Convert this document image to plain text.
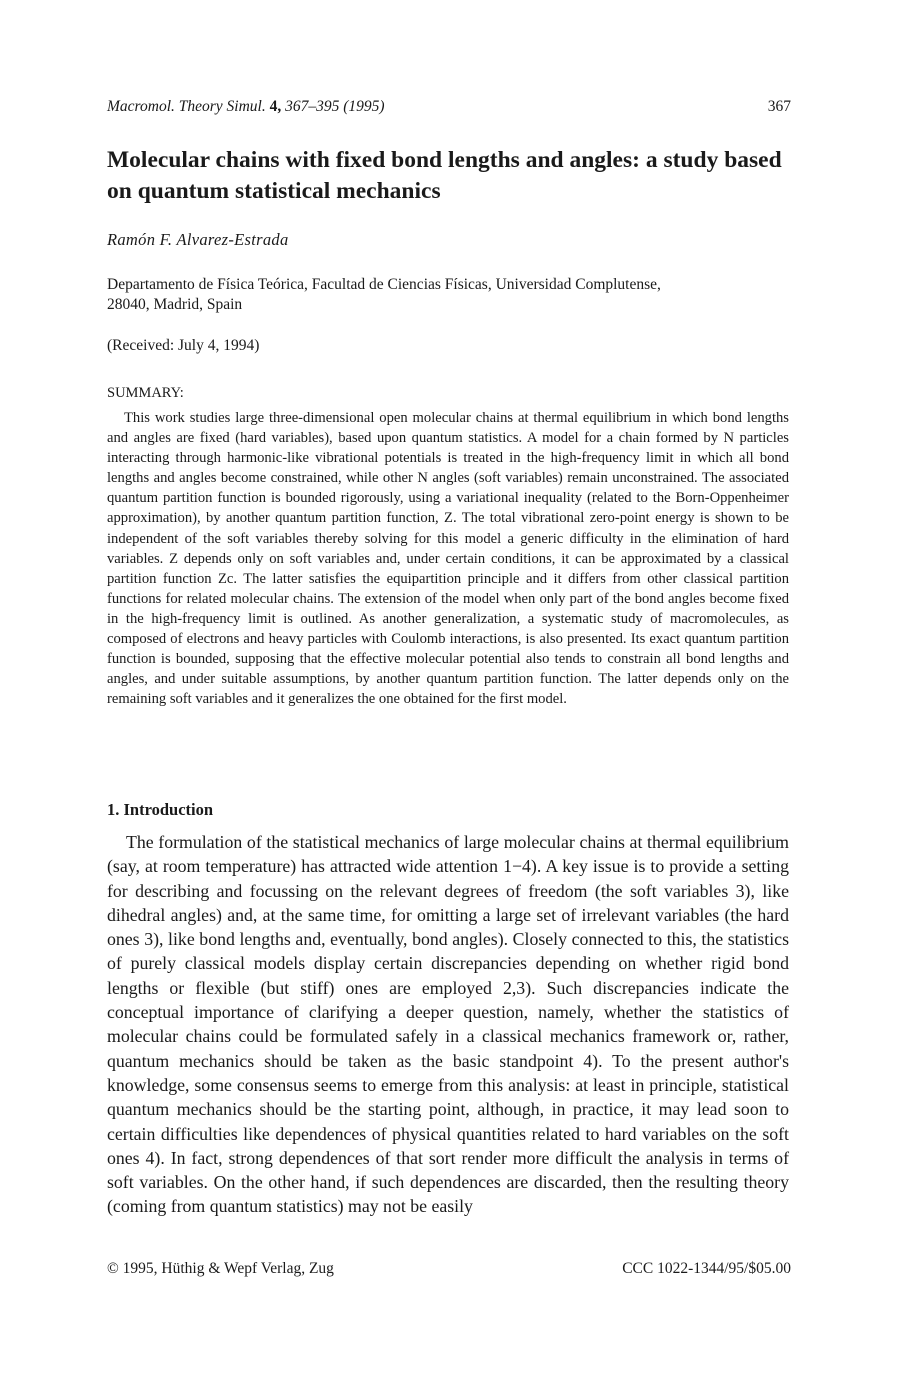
Macromol. Theory Simul. 4, 367–395 (1995)	367
Molecular chains with fixed bond lengths and angles: a study based on quantum statistical mechanics
Ramón F. Alvarez-Estrada
Departamento de Física Teórica, Facultad de Ciencias Físicas, Universidad Complutense,
28040, Madrid, Spain
(Received: July 4, 1994)
SUMMARY:

This work studies large three-dimensional open molecular chains at thermal equilibrium in which bond lengths and angles are fixed (hard variables), based upon quantum statistics. A model for a chain formed by N particles interacting through harmonic-like vibrational potentials is treated in the high-frequency limit in which all bond lengths and angles become constrained, while other N angles (soft variables) remain unconstrained. The associated quantum partition function is bounded rigorously, using a variational inequality (related to the Born-Oppenheimer approximation), by another quantum partition function, Z. The total vibrational zero-point energy is shown to be independent of the soft variables thereby solving for this model a generic difficulty in the elimination of hard variables. Z depends only on soft variables and, under certain conditions, it can be approximated by a classical partition function Zc. The latter satisfies the equipartition principle and it differs from other classical partition functions for related molecular chains. The extension of the model when only part of the bond angles become fixed in the high-frequency limit is outlined. As another generalization, a systematic study of macromolecules, as composed of electrons and heavy particles with Coulomb interactions, is also presented. Its exact quantum partition function is bounded, supposing that the effective molecular potential also tends to constrain all bond lengths and angles, and under suitable assumptions, by another quantum partition function. The latter depends only on the remaining soft variables and it generalizes the one obtained for the first model.

1. Introduction

The formulation of the statistical mechanics of large molecular chains at thermal equilibrium (say, at room temperature) has attracted wide attention 1−4). A key issue is to provide a setting for describing and focussing on the relevant degrees of freedom (the soft variables 3), like dihedral angles) and, at the same time, for omitting a large set of irrelevant variables (the hard ones 3), like bond lengths and, eventually, bond angles). Closely connected to this, the statistics of purely classical models display certain discrepancies depending on whether rigid bond lengths or flexible (but stiff) ones are employed 2,3). Such discrepancies indicate the conceptual importance of clarifying a deeper question, namely, whether the statistics of molecular chains could be formulated safely in a classical mechanics framework or, rather, quantum mechanics should be taken as the basic standpoint 4). To the present author's knowledge, some consensus seems to emerge from this analysis: at least in principle, statistical quantum mechanics should be the starting point, although, in practice, it may lead soon to certain difficulties like dependences of physical quantities related to hard variables on the soft ones 4). In fact, strong dependences of that sort render more difficult the analysis in terms of soft variables. On the other hand, if such dependences are discarded, then the resulting theory (coming from quantum statistics) may not be easily

© 1995, Hüthig & Wepf Verlag, Zug	CCC 1022-1344/95/$05.00
